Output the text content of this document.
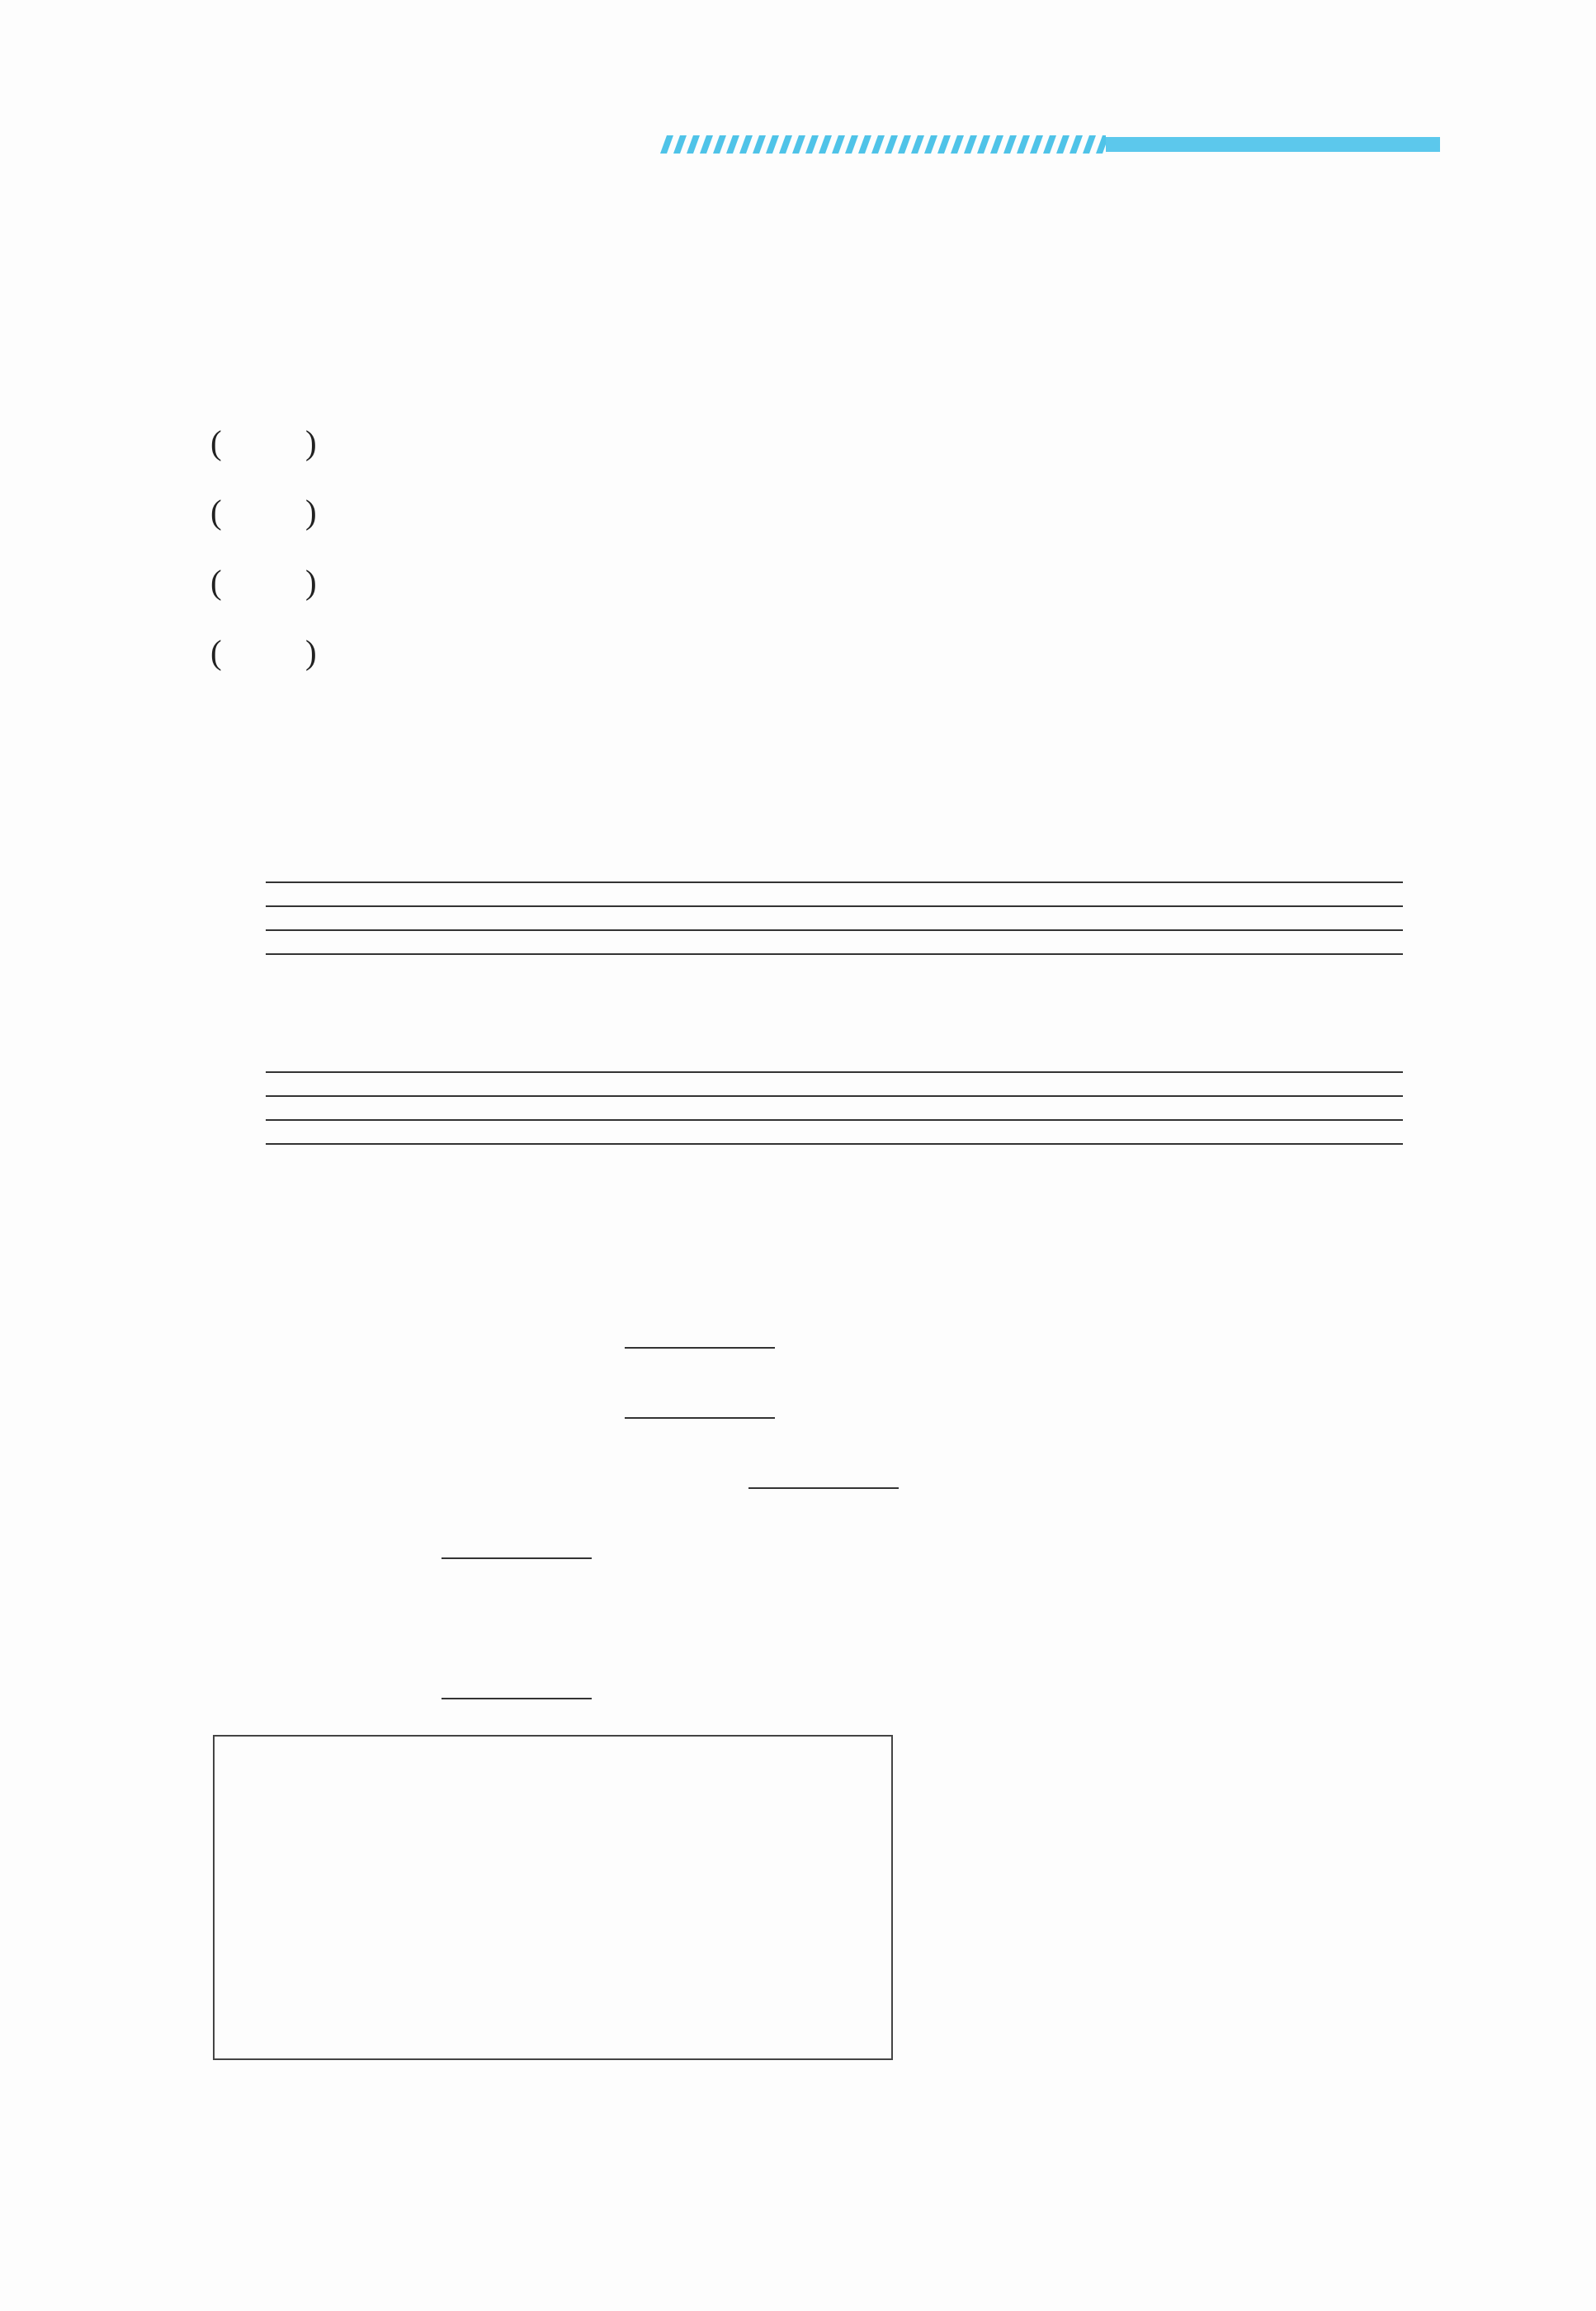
( )
( )
( )
( )
